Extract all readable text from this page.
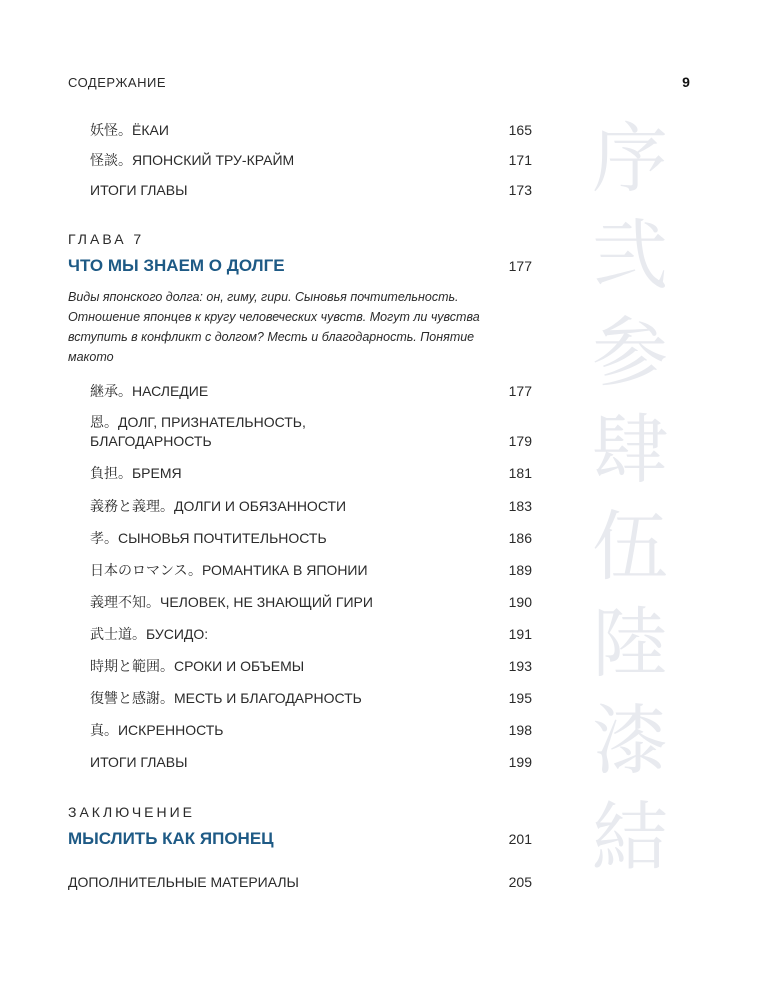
СОДЕРЖАНИЕ	9
序弐参肆伍陸漆結
妖怪。ЁКАИ	165
怪談。ЯПОНСКИЙ ТРУ-КРАЙМ	171
ИТОГИ ГЛАВЫ	173
ГЛАВА 7
ЧТО МЫ ЗНАЕМ О ДОЛГЕ	177
Виды японского долга: он, гиму, гири. Сыновья почтительность. Отношение японцев к кругу человеческих чувств. Могут ли чувства вступить в конфликт с долгом? Месть и благодарность. Понятие макото
継承。НАСЛЕДИЕ	177
恩。ДОЛГ, ПРИЗНАТЕЛЬНОСТЬ, БЛАГОДАРНОСТЬ	179
負担。БРЕМЯ	181
義務と義理。ДОЛГИ И ОБЯЗАННОСТИ	183
孝。СЫНОВЬЯ ПОЧТИТЕЛЬНОСТЬ	186
日本のロマンス。РОМАНТИКА В ЯПОНИИ	189
義理不知。ЧЕЛОВЕК, НЕ ЗНАЮЩИЙ ГИРИ	190
武士道。БУСИДО:	191
時期と範囲。СРОКИ И ОБЪЕМЫ	193
復讐と感謝。МЕСТЬ И БЛАГОДАРНОСТЬ	195
真。ИСКРЕННОСТЬ	198
ИТОГИ ГЛАВЫ	199
ЗАКЛЮЧЕНИЕ
МЫСЛИТЬ КАК ЯПОНЕЦ	201
ДОПОЛНИТЕЛЬНЫЕ МАТЕРИАЛЫ	205
